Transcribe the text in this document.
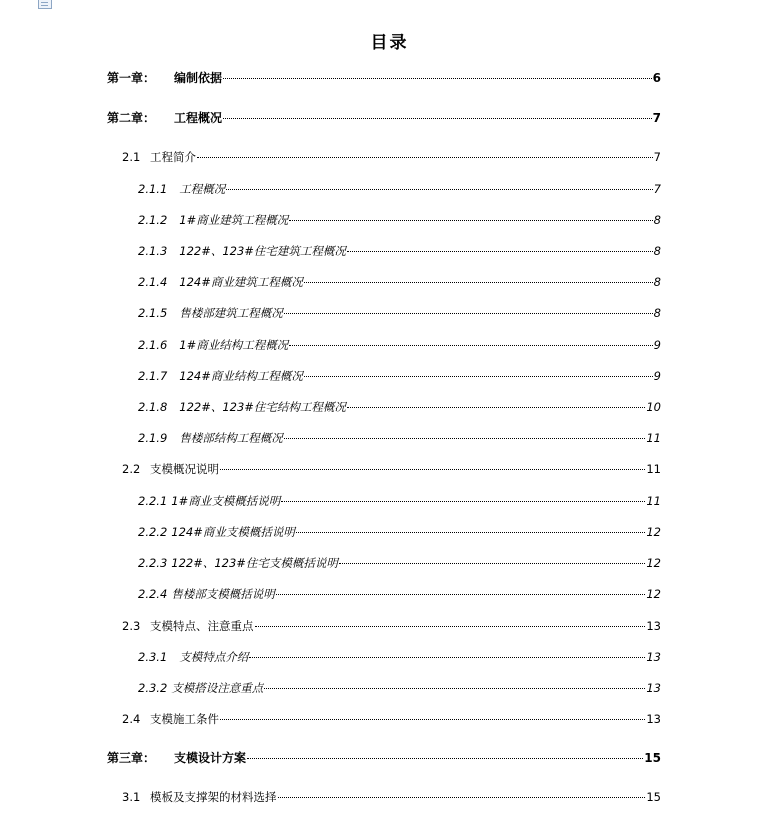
目录
第一章：	编制依据	6
第二章：	工程概况	7
2.1 工程简介	7
2.1.1 工程概况	7
2.1.2 1#商业建筑工程概况	8
2.1.3 122#、123#住宅建筑工程概况	8
2.1.4 124#商业建筑工程概况	8
2.1.5 售楼部建筑工程概况	8
2.1.6 1#商业结构工程概况	9
2.1.7 124#商业结构工程概况	9
2.1.8 122#、123#住宅结构工程概况	10
2.1.9 售楼部结构工程概况	11
2.2 支模概况说明	11
2.2.1 1#商业支模概括说明	11
2.2.2 124#商业支模概括说明	12
2.2.3 122#、123#住宅支模概括说明	12
2.2.4 售楼部支模概括说明	12
2.3 支模特点、注意重点	13
2.3.1 支模特点介绍	13
2.3.2 支模搭设注意重点	13
2.4 支模施工条件	13
第三章：	支模设计方案	15
3.1 模板及支撑架的材料选择	15
